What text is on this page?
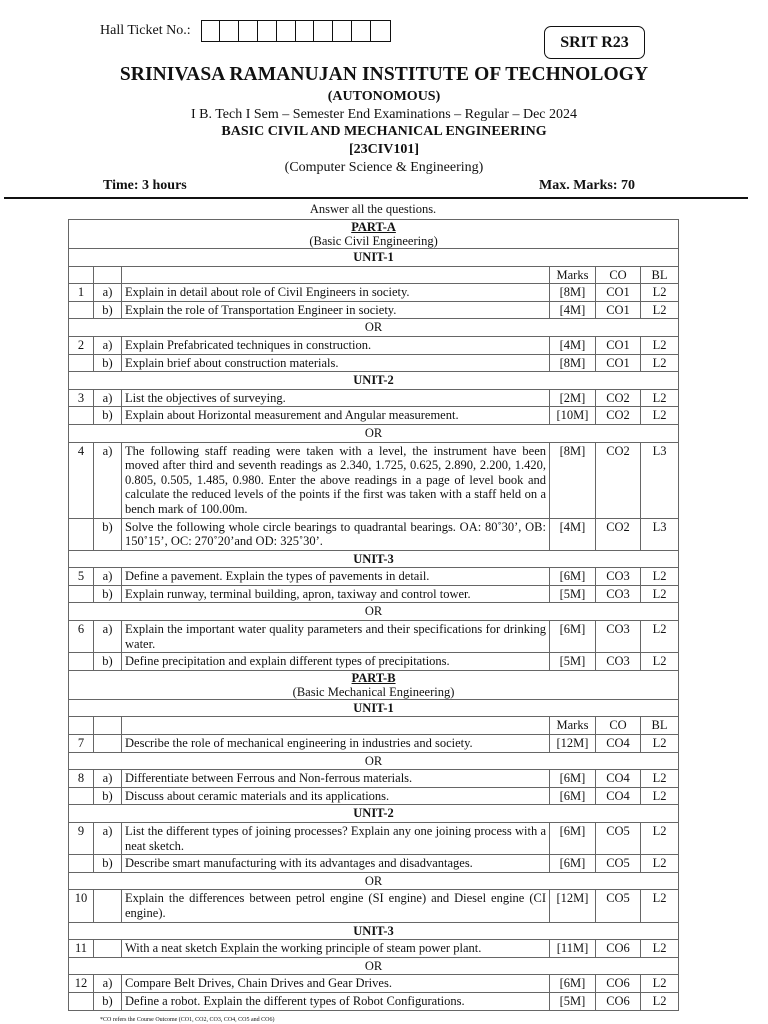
Hall Ticket No.:
SRIT R23
SRINIVASA RAMANUJAN INSTITUTE OF TECHNOLOGY
(AUTONOMOUS)
I B. Tech I Sem – Semester End Examinations – Regular – Dec 2024
BASIC CIVIL AND MECHANICAL ENGINEERING
[23CIV101]
(Computer Science & Engineering)
Time: 3 hours	Max. Marks: 70
Answer all the questions.
PART-A
(Basic Civil Engineering)					

UNIT-1					
			Marks	CO	BL
1	a)	Explain in detail about role of Civil Engineers in society.	[8M]	CO1	L2
	b)	Explain the role of Transportation Engineer in society.	[4M]	CO1	L2
OR					
2	a)	Explain Prefabricated techniques in construction.	[4M]	CO1	L2
	b)	Explain brief about construction materials.	[8M]	CO1	L2
UNIT-2					
3	a)	List the objectives of surveying.	[2M]	CO2	L2
	b)	Explain about Horizontal measurement and Angular measurement.	[10M]	CO2	L2
OR					
4	a)	The following staff reading were taken with a level, the instrument have been moved after third and seventh readings as 2.340, 1.725, 0.625, 2.890, 2.200, 1.420, 0.805, 0.505, 1.485, 0.980. Enter the above readings in a page of level book and calculate the reduced levels of the points if the first was taken with a staff held on a bench mark of 100.00m.	[8M]	CO2	L3
	b)	Solve the following whole circle bearings to quadrantal bearings. OA: 80˚30’, OB: 150˚15’, OC: 270˚20’and OD: 325˚30’.	[4M]	CO2	L3
UNIT-3					
5	a)	Define a pavement. Explain the types of pavements in detail.	[6M]	CO3	L2
	b)	Explain runway, terminal building, apron, taxiway and control tower.	[5M]	CO3	L2
OR					
6	a)	Explain the important water quality parameters and their specifications for drinking water.	[6M]	CO3	L2
	b)	Define precipitation and explain different types of precipitations.	[5M]	CO3	L2

PART-B
(Basic Mechanical Engineering)					

UNIT-1					
			Marks	CO	BL
7		Describe the role of mechanical engineering in industries and society.	[12M]	CO4	L2
OR					
8	a)	Differentiate between Ferrous and Non-ferrous materials.	[6M]	CO4	L2
	b)	Discuss about ceramic materials and its applications.	[6M]	CO4	L2
UNIT-2					
9	a)	List the different types of joining processes? Explain any one joining process with a neat sketch.	[6M]	CO5	L2
	b)	Describe smart manufacturing with its advantages and disadvantages.	[6M]	CO5	L2
OR					
10		Explain the differences between petrol engine (SI engine) and Diesel engine (CI engine).	[12M]	CO5	L2
UNIT-3					
11		With a neat sketch Explain the working principle of steam power plant.	[11M]	CO6	L2
OR					
12	a)	Compare Belt Drives, Chain Drives and Gear Drives.	[6M]	CO6	L2
	b)	Define a robot. Explain the different types of Robot Configurations.	[5M]	CO6	L2
*CO refers the Course Outcome (CO1, CO2, CO3, CO4, CO5 and CO6)
